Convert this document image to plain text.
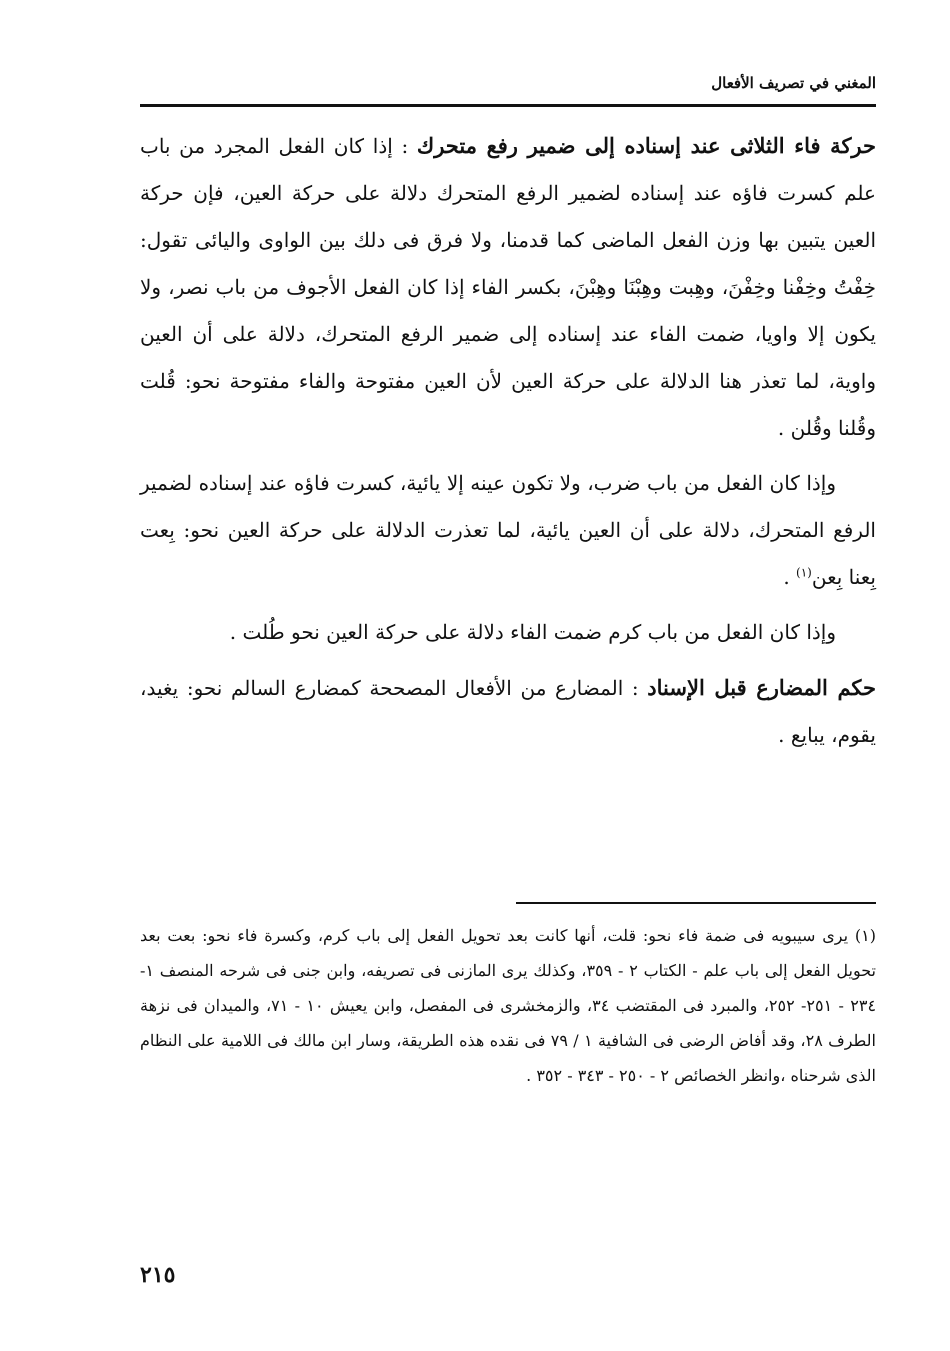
المغني في تصريف الأفعال

حركة فاء الثلاثى عند إسناده إلى ضمير رفع متحرك : إذا كان الفعل المجرد من باب علم كسرت فاؤه عند إسناده لضمير الرفع المتحرك دلالة على حركة العين، فإن حركة العين يتبين بها وزن الفعل الماضى كما قدمنا، ولا فرق فى دلك بين الواوى واليائى تقول: خِفْتُ وخِفْنا وخِفْنَ، وهِبت وهِبْنَا وهِبْنَ، بكسر الفاء إذا كان الفعل الأجوف من باب نصر، ولا يكون إلا واويا، ضمت الفاء عند إسناده إلى ضمير الرفع المتحرك، دلالة على أن العين واوية، لما تعذر هنا الدلالة على حركة العين لأن العين مفتوحة والفاء مفتوحة نحو: قُلت وقُلنا وقُلن .

وإذا كان الفعل من باب ضرب، ولا تكون عينه إلا يائية، كسرت فاؤه عند إسناده لضمير الرفع المتحرك، دلالة على أن العين يائية، لما تعذرت الدلالة على حركة العين نحو: بِعت بِعنا بِعن$^{(١)}$ .

وإذا كان الفعل من باب كرم ضمت الفاء دلالة على حركة العين نحو طُلت .

حكم المضارع قبل الإسناد : المضارع من الأفعال المصححة كمضارع السالم نحو: يغيد، يقوم، يبايع .

(١) يرى سيبويه فى ضمة فاء نحو: قلت، أنها كانت بعد تحويل الفعل إلى باب كرم، وكسرة فاء نحو: بعت بعد تحويل الفعل إلى باب علم - الكتاب ٢ - ٣٥٩، وكذلك يرى المازنى فى تصريفه، وابن جنى فى شرحه المنصف ١- ٢٣٤ - ٢٥١- ٢٥٢، والمبرد فى المقتضب ٣٤، والزمخشرى فى المفصل، وابن يعيش ١٠ - ٧١، والميدان فى نزهة الطرف ٢٨، وقد أفاض الرضى فى الشافية ١ / ٧٩ فى نقده هذه الطريقة، وسار ابن مالك فى اللامية على النظام الذى شرحناه ،وانظر الخصائص ٢ - ٢٥٠ - ٣٤٣ - ٣٥٢ .
٢١٥
